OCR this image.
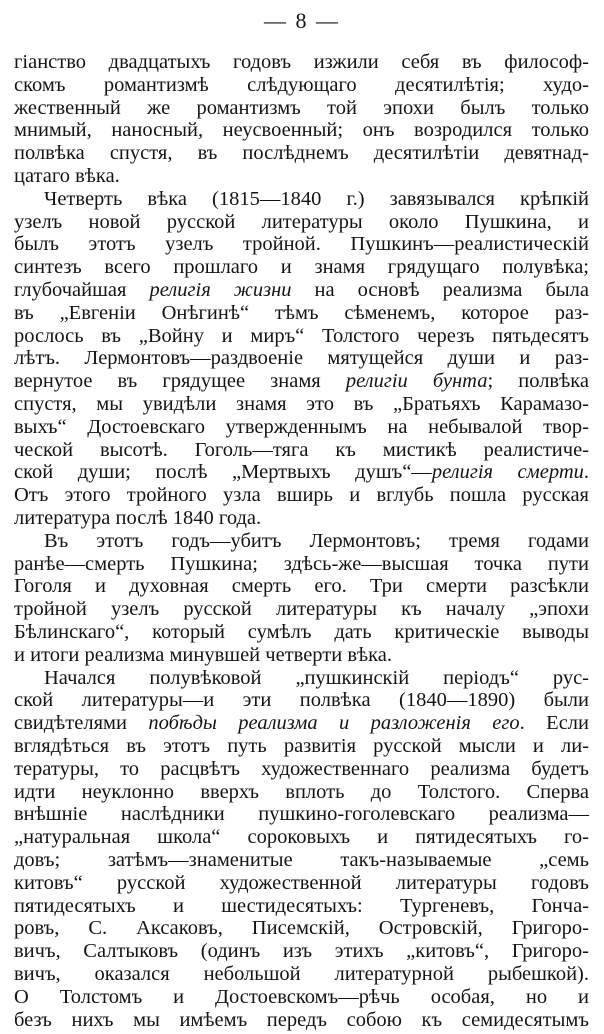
— 8 —
гіанство двадцатыхъ годовъ изжили себя въ философ-
скомъ романтизмѣ слѣдующаго десятилѣтія; худо-
жественный же романтизмъ той эпохи былъ только
мнимый, наносный, неусвоенный; онъ возродился только
полвѣка спустя, въ послѣднемъ десятилѣтіи девятнад-
цатаго вѣка.
Четверть вѣка (1815—1840 г.) завязывался крѣпкій
узелъ новой русской литературы около Пушкина, и
былъ этотъ узелъ тройной. Пушкинъ—реалистическій
синтезъ всего прошлаго и знамя грядущаго полувѣка;
глубочайшая религія жизни на основѣ реализма была
въ „Евгеніи Онѣгинѣ“ тѣмъ сѣменемъ, которое раз-
рослось въ „Войну и миръ“ Толстого черезъ пятьдесятъ
лѣтъ. Лермонтовъ—раздвоеніе мятущейся души и раз-
вернутое въ грядущее знамя религіи бунта; полвѣка
спустя, мы увидѣли знамя это въ „Братьяхъ Карамазо-
выхъ“ Достоевскаго утвержденнымъ на небывалой твор-
ческой высотѣ. Гоголь—тяга къ мистикѣ реалистиче-
ской души; послѣ „Мертвыхъ душъ“—религія смерти.
Отъ этого тройного узла вширь и вглубь пошла русская
литература послѣ 1840 года.
Въ этотъ годъ—убитъ Лермонтовъ; тремя годами
ранѣе—смерть Пушкина; здѣсь-же—высшая точка пути
Гоголя и духовная смерть его. Три смерти разсѣкли
тройной узелъ русской литературы къ началу „эпохи
Бѣлинскаго“, который сумѣлъ дать критическіе выводы
и итоги реализма минувшей четверти вѣка.
Начался полувѣковой „пушкинскій періодъ“ рус-
ской литературы—и эти полвѣка (1840—1890) были
свидѣтелями побѣды реализма и разложенія его. Если
вглядѣться въ этотъ путь развитія русской мысли и ли-
тературы, то расцвѣтъ художественнаго реализма будетъ
идти неуклонно вверхъ вплоть до Толстого. Сперва
внѣшніе наслѣдники пушкино-гоголевскаго реализма—
„натуральная школа“ сороковыхъ и пятидесятыхъ го-
довъ; затѣмъ—знаменитые такъ-называемые „семь
китовъ“ русской художественной литературы годовъ
пятидесятыхъ и шестидесятыхъ: Тургеневъ, Гонча-
ровъ, С. Аксаковъ, Писемскій, Островскій, Григоро-
вичъ, Салтыковъ (одинъ изъ этихъ „китовъ“, Григоро-
вичъ, оказался небольшой литературной рыбешкой).
О Толстомъ и Достоевскомъ—рѣчь особая, но и
безъ нихъ мы имѣемъ передъ собою къ семидесятымъ
